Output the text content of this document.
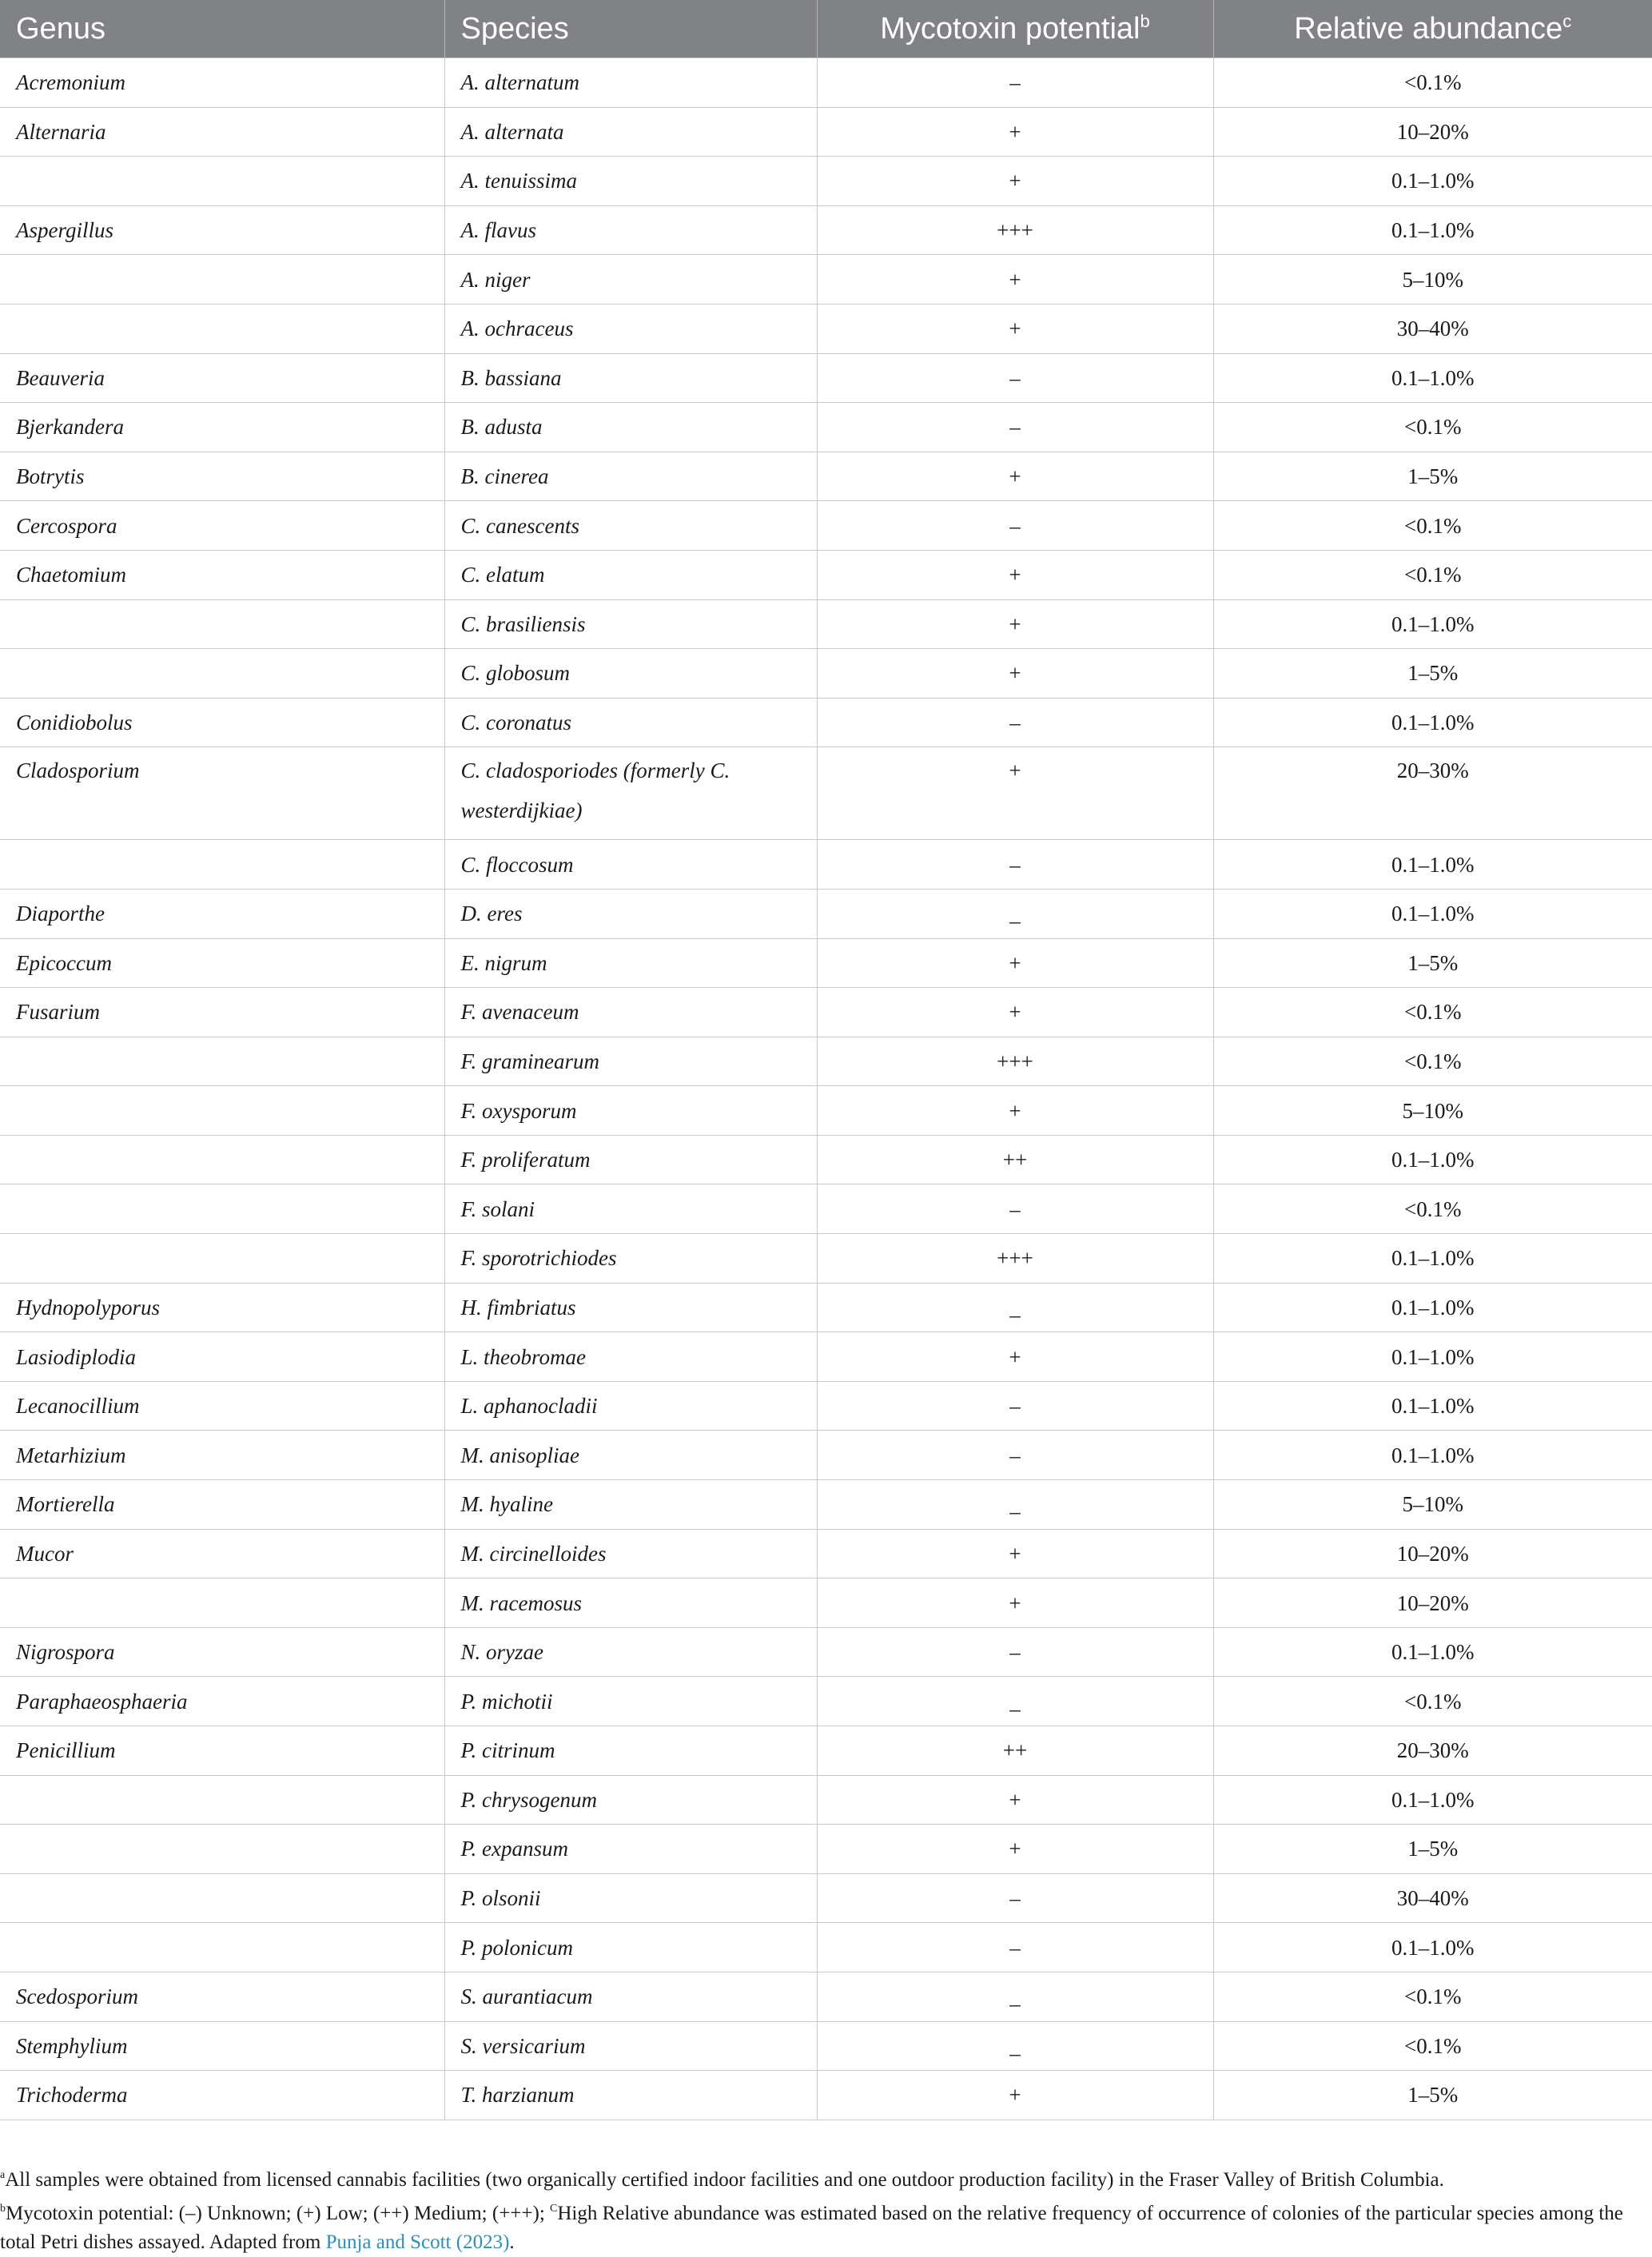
Genus	Species	Mycotoxin potential$^b$	Relative abundance$^c$
Acremonium	A. alternatum	–	<0.1%
Alternaria	A. alternata	+	10–20%
	A. tenuissima	+	0.1–1.0%
Aspergillus	A. flavus	+++	0.1–1.0%
	A. niger	+	5–10%
	A. ochraceus	+	30–40%
Beauveria	B. bassiana	–	0.1–1.0%
Bjerkandera	B. adusta	–	<0.1%
Botrytis	B. cinerea	+	1–5%
Cercospora	C. canescents	–	<0.1%
Chaetomium	C. elatum	+	<0.1%
	C. brasiliensis	+	0.1–1.0%
	C. globosum	+	1–5%
Conidiobolus	C. coronatus	–	0.1–1.0%
Cladosporium	C. cladosporiodes (formerly C. westerdijkiae)	+	20–30%
	C. floccosum	–	0.1–1.0%
Diaporthe	D. eres	_	0.1–1.0%
Epicoccum	E. nigrum	+	1–5%
Fusarium	F. avenaceum	+	<0.1%
	F. graminearum	+++	<0.1%
	F. oxysporum	+	5–10%
	F. proliferatum	++	0.1–1.0%
	F. solani	–	<0.1%
	F. sporotrichiodes	+++	0.1–1.0%
Hydnopolyporus	H. fimbriatus	_	0.1–1.0%
Lasiodiplodia	L. theobromae	+	0.1–1.0%
Lecanocillium	L. aphanocladii	–	0.1–1.0%
Metarhizium	M. anisopliae	–	0.1–1.0%
Mortierella	M. hyaline	_	5–10%
Mucor	M. circinelloides	+	10–20%
	M. racemosus	+	10–20%
Nigrospora	N. oryzae	–	0.1–1.0%
Paraphaeosphaeria	P. michotii	_	<0.1%
Penicillium	P. citrinum	++	20–30%
	P. chrysogenum	+	0.1–1.0%
	P. expansum	+	1–5%
	P. olsonii	–	30–40%
	P. polonicum	–	0.1–1.0%
Scedosporium	S. aurantiacum	_	<0.1%
Stemphylium	S. versicarium	_	<0.1%
Trichoderma	T. harzianum	+	1–5%

$^a$All samples were obtained from licensed cannabis facilities (two organically certified indoor facilities and one outdoor production facility) in the Fraser Valley of British Columbia.

$^b$Mycotoxin potential: (–) Unknown; (+) Low; (++) Medium; (+++); $^C$High Relative abundance was estimated based on the relative frequency of occurrence of colonies of the particular species among the total Petri dishes assayed. Adapted from Punja and Scott (2023).
